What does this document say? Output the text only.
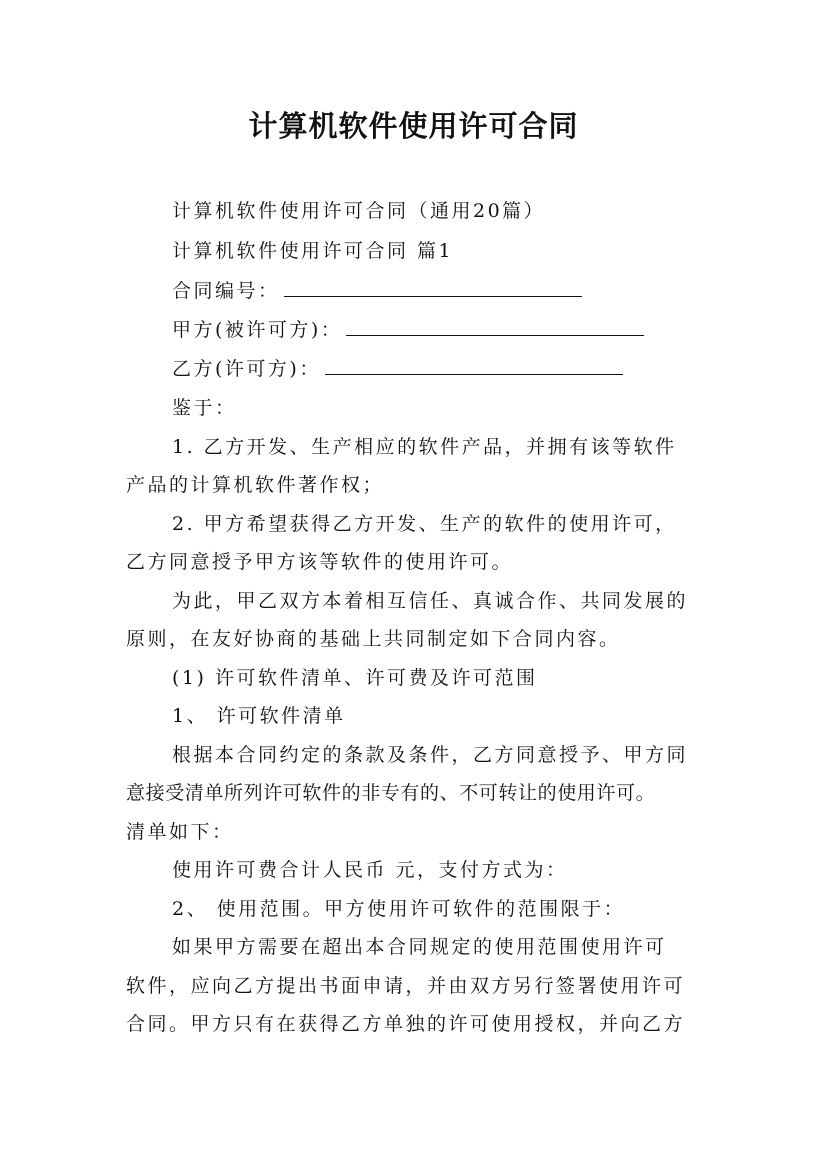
计算机软件使用许可合同
计算机软件使用许可合同（通用20篇）
计算机软件使用许可合同 篇1
合同编号：
甲方(被许可方)：
乙方(许可方)：
鉴于：
1. 乙方开发、生产相应的软件产品，并拥有该等软件
产品的计算机软件著作权；
2. 甲方希望获得乙方开发、生产的软件的使用许可，
乙方同意授予甲方该等软件的使用许可。
为此，甲乙双方本着相互信任、真诚合作、共同发展的
原则，在友好协商的基础上共同制定如下合同内容。
(1) 许可软件清单、许可费及许可范围
1、 许可软件清单
根据本合同约定的条款及条件，乙方同意授予、甲方同
意接受清单所列许可软件的非专有的、不可转让的使用许可。
清单如下：
使用许可费合计人民币 元，支付方式为：
2、 使用范围。甲方使用许可软件的范围限于：
如果甲方需要在超出本合同规定的使用范围使用许可
软件，应向乙方提出书面申请，并由双方另行签署使用许可
合同。甲方只有在获得乙方单独的许可使用授权，并向乙方
